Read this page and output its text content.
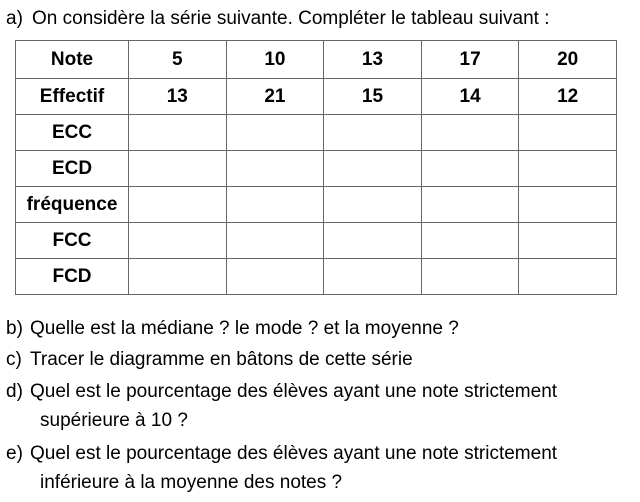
a) On considère la série suivante. Compléter le tableau suivant :
Note	5	10	13	17	20
Effectif	13	21	15	14	12
ECC					
ECD					
fréquence					
FCC					
FCD					
b) Quelle est la médiane ? le mode ? et la moyenne ?
c) Tracer le diagramme en bâtons de cette série
d) Quel est le pourcentage des élèves ayant une note strictement
supérieure à 10 ?
e) Quel est le pourcentage des élèves ayant une note strictement
inférieure à la moyenne des notes ?
